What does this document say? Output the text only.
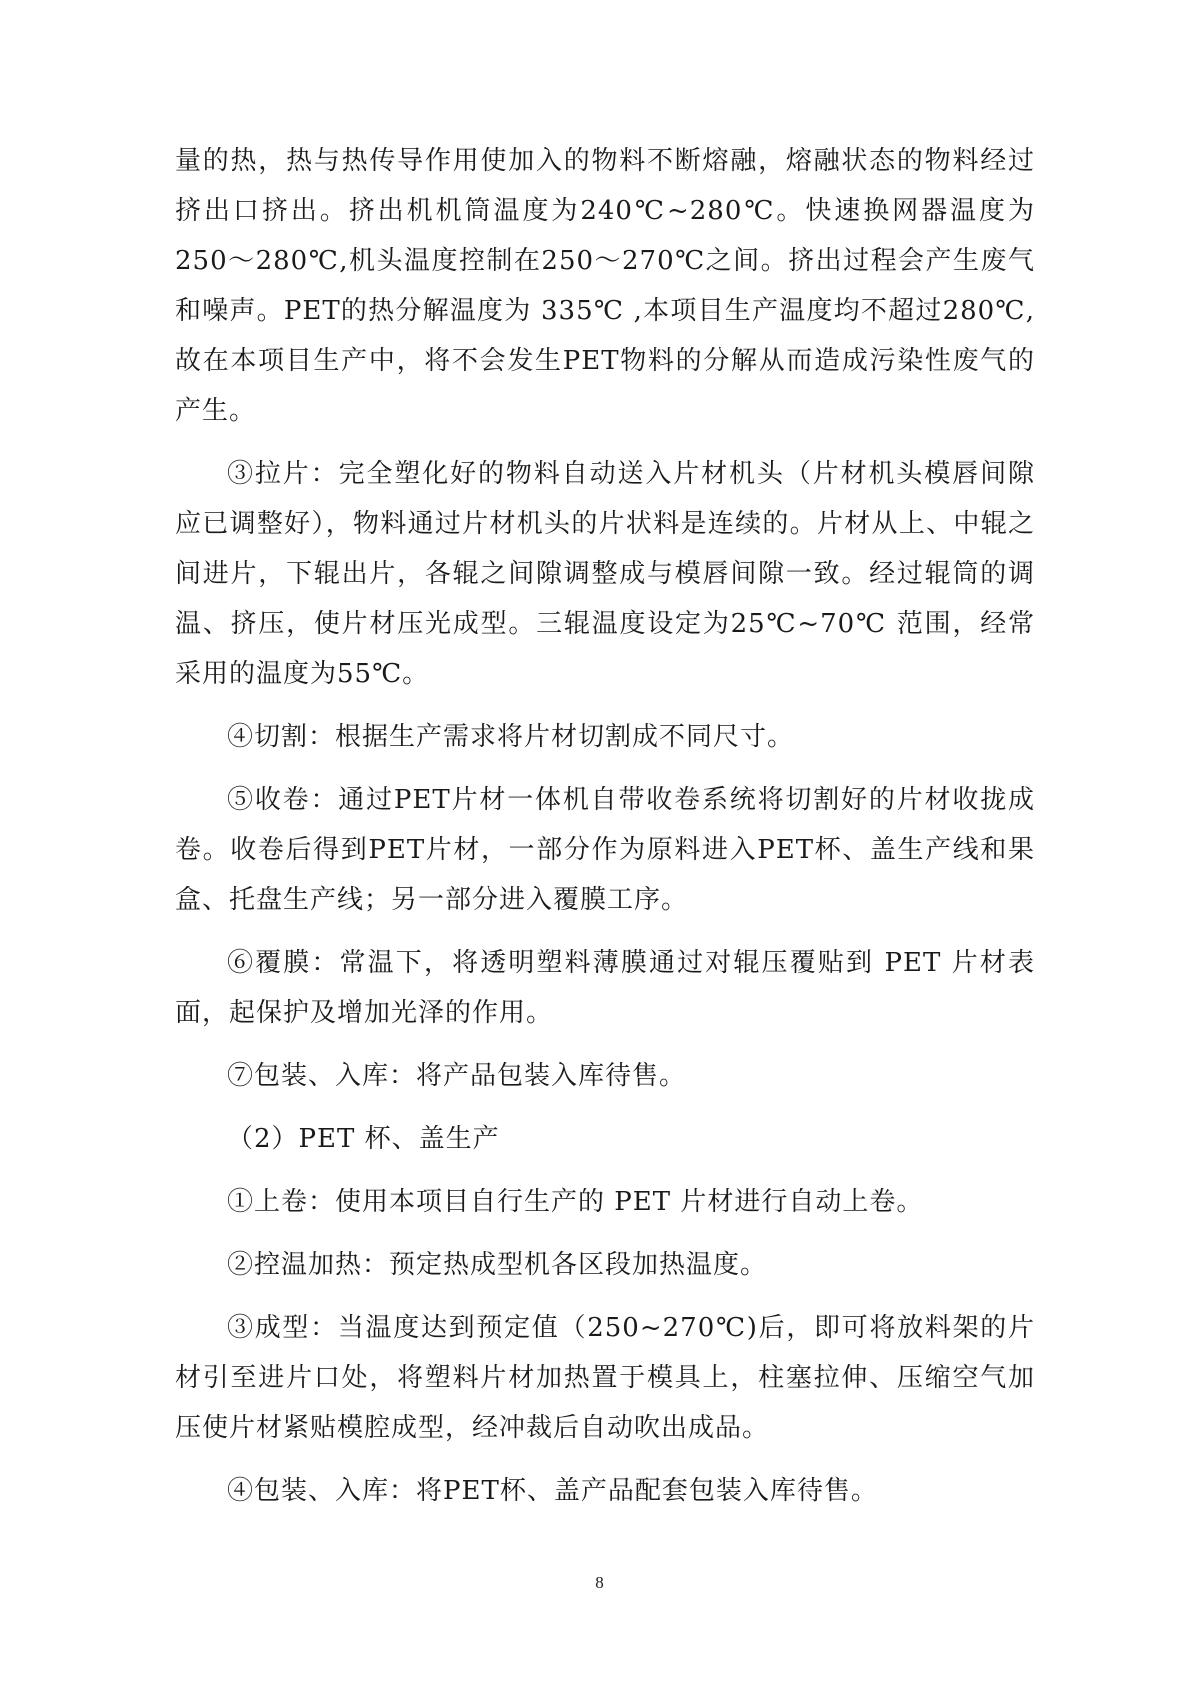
量的热，热与热传导作用使加入的物料不断熔融，熔融状态的物料经过挤出口挤出。挤出机机筒温度为240℃~280℃。快速换网器温度为250～280℃,机头温度控制在250～270℃之间。挤出过程会产生废气和噪声。PET的热分解温度为 335℃ ,本项目生产温度均不超过280℃,故在本项目生产中，将不会发生PET物料的分解从而造成污染性废气的产生。

③拉片：完全塑化好的物料自动送入片材机头（片材机头模唇间隙应已调整好），物料通过片材机头的片状料是连续的。片材从上、中辊之间进片，下辊出片，各辊之间隙调整成与模唇间隙一致。经过辊筒的调温、挤压，使片材压光成型。三辊温度设定为25℃~70℃ 范围，经常采用的温度为55℃。

④切割：根据生产需求将片材切割成不同尺寸。

⑤收卷：通过PET片材一体机自带收卷系统将切割好的片材收拢成卷。收卷后得到PET片材，一部分作为原料进入PET杯、盖生产线和果盒、托盘生产线；另一部分进入覆膜工序。

⑥覆膜：常温下，将透明塑料薄膜通过对辊压覆贴到 PET 片材表面，起保护及增加光泽的作用。

⑦包装、入库：将产品包装入库待售。

（2）PET 杯、盖生产

①上卷：使用本项目自行生产的 PET 片材进行自动上卷。

②控温加热：预定热成型机各区段加热温度。

③成型：当温度达到预定值（250~270℃)后，即可将放料架的片材引至进片口处，将塑料片材加热置于模具上，柱塞拉伸、压缩空气加压使片材紧贴模腔成型，经冲裁后自动吹出成品。

④包装、入库：将PET杯、盖产品配套包装入库待售。

8
